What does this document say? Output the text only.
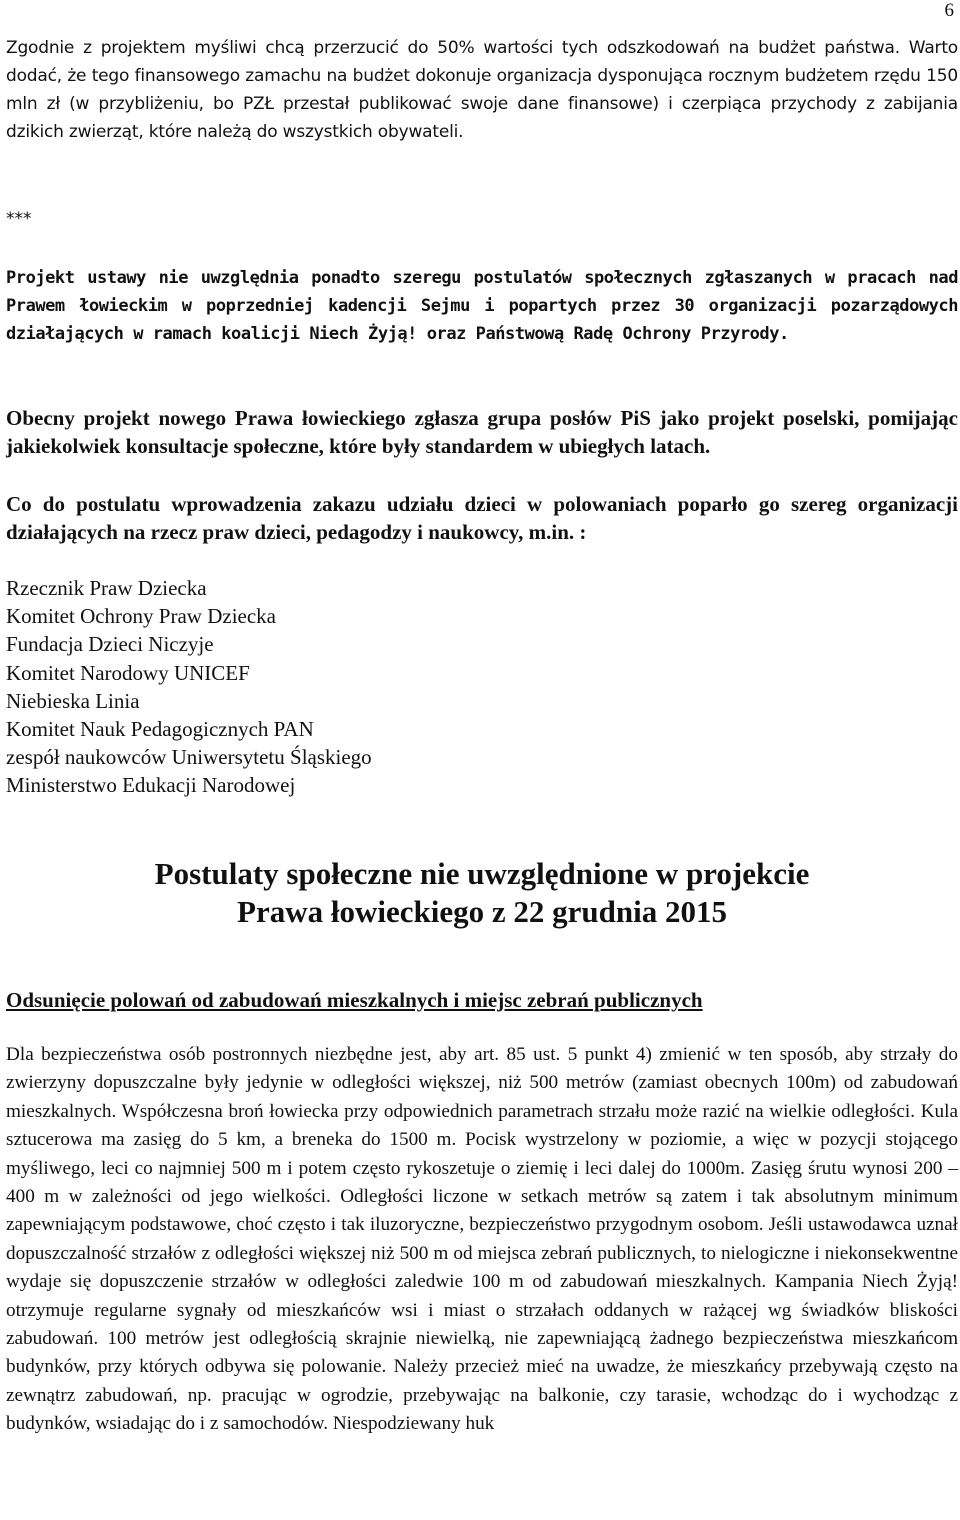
6

Zgodnie z projektem myśliwi chcą przerzucić do 50% wartości tych odszkodowań na budżet państwa. Warto dodać, że tego finansowego zamachu na budżet dokonuje organizacja dysponująca rocznym budżetem rzędu 150 mln zł (w przybliżeniu, bo PZŁ przestał publikować swoje dane finansowe) i czerpiąca przychody z zabijania dzikich zwierząt, które należą do wszystkich obywateli.

***

Projekt ustawy nie uwzględnia ponadto szeregu postulatów społecznych zgłaszanych w pracach nad Prawem łowieckim w poprzedniej kadencji Sejmu i popartych przez 30 organizacji pozarządowych działających w ramach koalicji Niech Żyją! oraz Państwową Radę Ochrony Przyrody.

Obecny projekt nowego Prawa łowieckiego zgłasza grupa posłów PiS jako projekt poselski, pomijając jakiekolwiek konsultacje społeczne, które były standardem w ubiegłych latach.

Co do postulatu wprowadzenia zakazu udziału dzieci w polowaniach poparło go szereg organizacji działających na rzecz praw dzieci, pedagodzy i naukowcy, m.in. :

Rzecznik Praw Dziecka
Komitet Ochrony Praw Dziecka
Fundacja Dzieci Niczyje
Komitet Narodowy UNICEF
Niebieska Linia
Komitet Nauk Pedagogicznych PAN
zespół naukowców Uniwersytetu Śląskiego
Ministerstwo Edukacji Narodowej
Postulaty społeczne nie uwzględnione w projekcie
Prawa łowieckiego z 22 grudnia 2015
Odsunięcie polowań od zabudowań mieszkalnych i miejsc zebrań publicznych

Dla bezpieczeństwa osób postronnych niezbędne jest, aby art. 85 ust. 5 punkt 4) zmienić w ten sposób, aby strzały do zwierzyny dopuszczalne były jedynie w odległości większej, niż 500 metrów (zamiast obecnych 100m) od zabudowań mieszkalnych. Współczesna broń łowiecka przy odpowiednich parametrach strzału może razić na wielkie odległości. Kula sztucerowa ma zasięg do 5 km, a breneka do 1500 m. Pocisk wystrzelony w poziomie, a więc w pozycji stojącego myśliwego, leci co najmniej 500 m i potem często rykoszetuje o ziemię i leci dalej do 1000m. Zasięg śrutu wynosi 200 – 400 m w zależności od jego wielkości. Odległości liczone w setkach metrów są zatem i tak absolutnym minimum zapewniającym podstawowe, choć często i tak iluzoryczne, bezpieczeństwo przygodnym osobom. Jeśli ustawodawca uznał dopuszczalność strzałów z odległości większej niż 500 m od miejsca zebrań publicznych, to nielogiczne i niekonsekwentne wydaje się dopuszczenie strzałów w odległości zaledwie 100 m od zabudowań mieszkalnych. Kampania Niech Żyją! otrzymuje regularne sygnały od mieszkańców wsi i miast o strzałach oddanych w rażącej wg świadków bliskości zabudowań. 100 metrów jest odległością skrajnie niewielką, nie zapewniającą żadnego bezpieczeństwa mieszkańcom budynków, przy których odbywa się polowanie. Należy przecież mieć na uwadze, że mieszkańcy przebywają często na zewnątrz zabudowań, np. pracując w ogrodzie, przebywając na balkonie, czy tarasie, wchodząc do i wychodząc z budynków, wsiadając do i z samochodów. Niespodziewany huk
